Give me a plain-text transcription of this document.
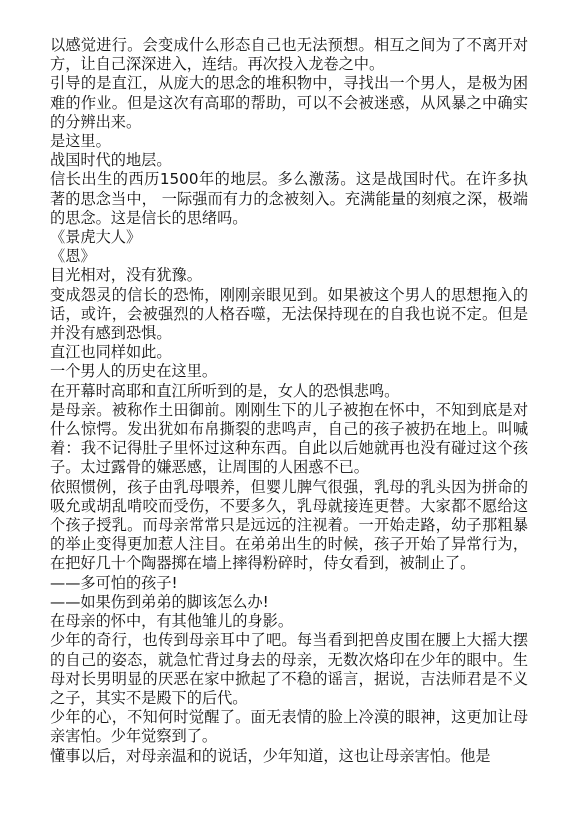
以感觉进行。会变成什么形态自己也无法预想。相互之间为了不离开对方，让自己深深进入，连结。再次投入龙卷之中。

引导的是直江，从庞大的思念的堆积物中，寻找出一个男人，是极为困难的作业。但是这次有高耶的帮助，可以不会被迷惑，从风暴之中确实的分辨出来。

是这里。

战国时代的地层。

信长出生的西历1500年的地层。多么激荡。这是战国时代。在许多执著的思念当中， 一际强而有力的念被刻入。充满能量的刻痕之深，极端的思念。这是信长的思绪吗。

《景虎大人》

《恩》

目光相对，没有犹豫。

变成怨灵的信长的恐怖，刚刚亲眼见到。如果被这个男人的思想拖入的话，或许，会被强烈的人格吞噬，无法保持现在的自我也说不定。但是并没有感到恐惧。

直江也同样如此。

一个男人的历史在这里。

在开幕时高耶和直江所听到的是，女人的恐惧悲鸣。

是母亲。被称作土田御前。刚刚生下的儿子被抱在怀中，不知到底是对什么惊愕。发出犹如布帛撕裂的悲鸣声，自己的孩子被扔在地上。叫喊着：我不记得肚子里怀过这种东西。自此以后她就再也没有碰过这个孩子。太过露骨的嫌恶感，让周围的人困惑不已。

依照惯例，孩子由乳母喂养，但婴儿脾气很强，乳母的乳头因为拼命的吸允或胡乱啃咬而受伤，不要多久，乳母就接连更替。大家都不愿给这个孩子授乳。而母亲常常只是远远的注视着。一开始走路，幼子那粗暴的举止变得更加惹人注目。在弟弟出生的时候，孩子开始了异常行为，在把好几十个陶器掷在墙上摔得粉碎时，侍女看到，被制止了。

——多可怕的孩子!

——如果伤到弟弟的脚该怎么办!

在母亲的怀中，有其他雏儿的身影。

少年的奇行，也传到母亲耳中了吧。每当看到把兽皮围在腰上大摇大摆的自己的姿态，就急忙背过身去的母亲，无数次烙印在少年的眼中。生母对长男明显的厌恶在家中掀起了不稳的谣言，据说，吉法师君是不义之子，其实不是殿下的后代。

少年的心，不知何时觉醒了。面无表情的脸上冷漠的眼神，这更加让母亲害怕。少年觉察到了。

懂事以后，对母亲温和的说话，少年知道，这也让母亲害怕。他是
